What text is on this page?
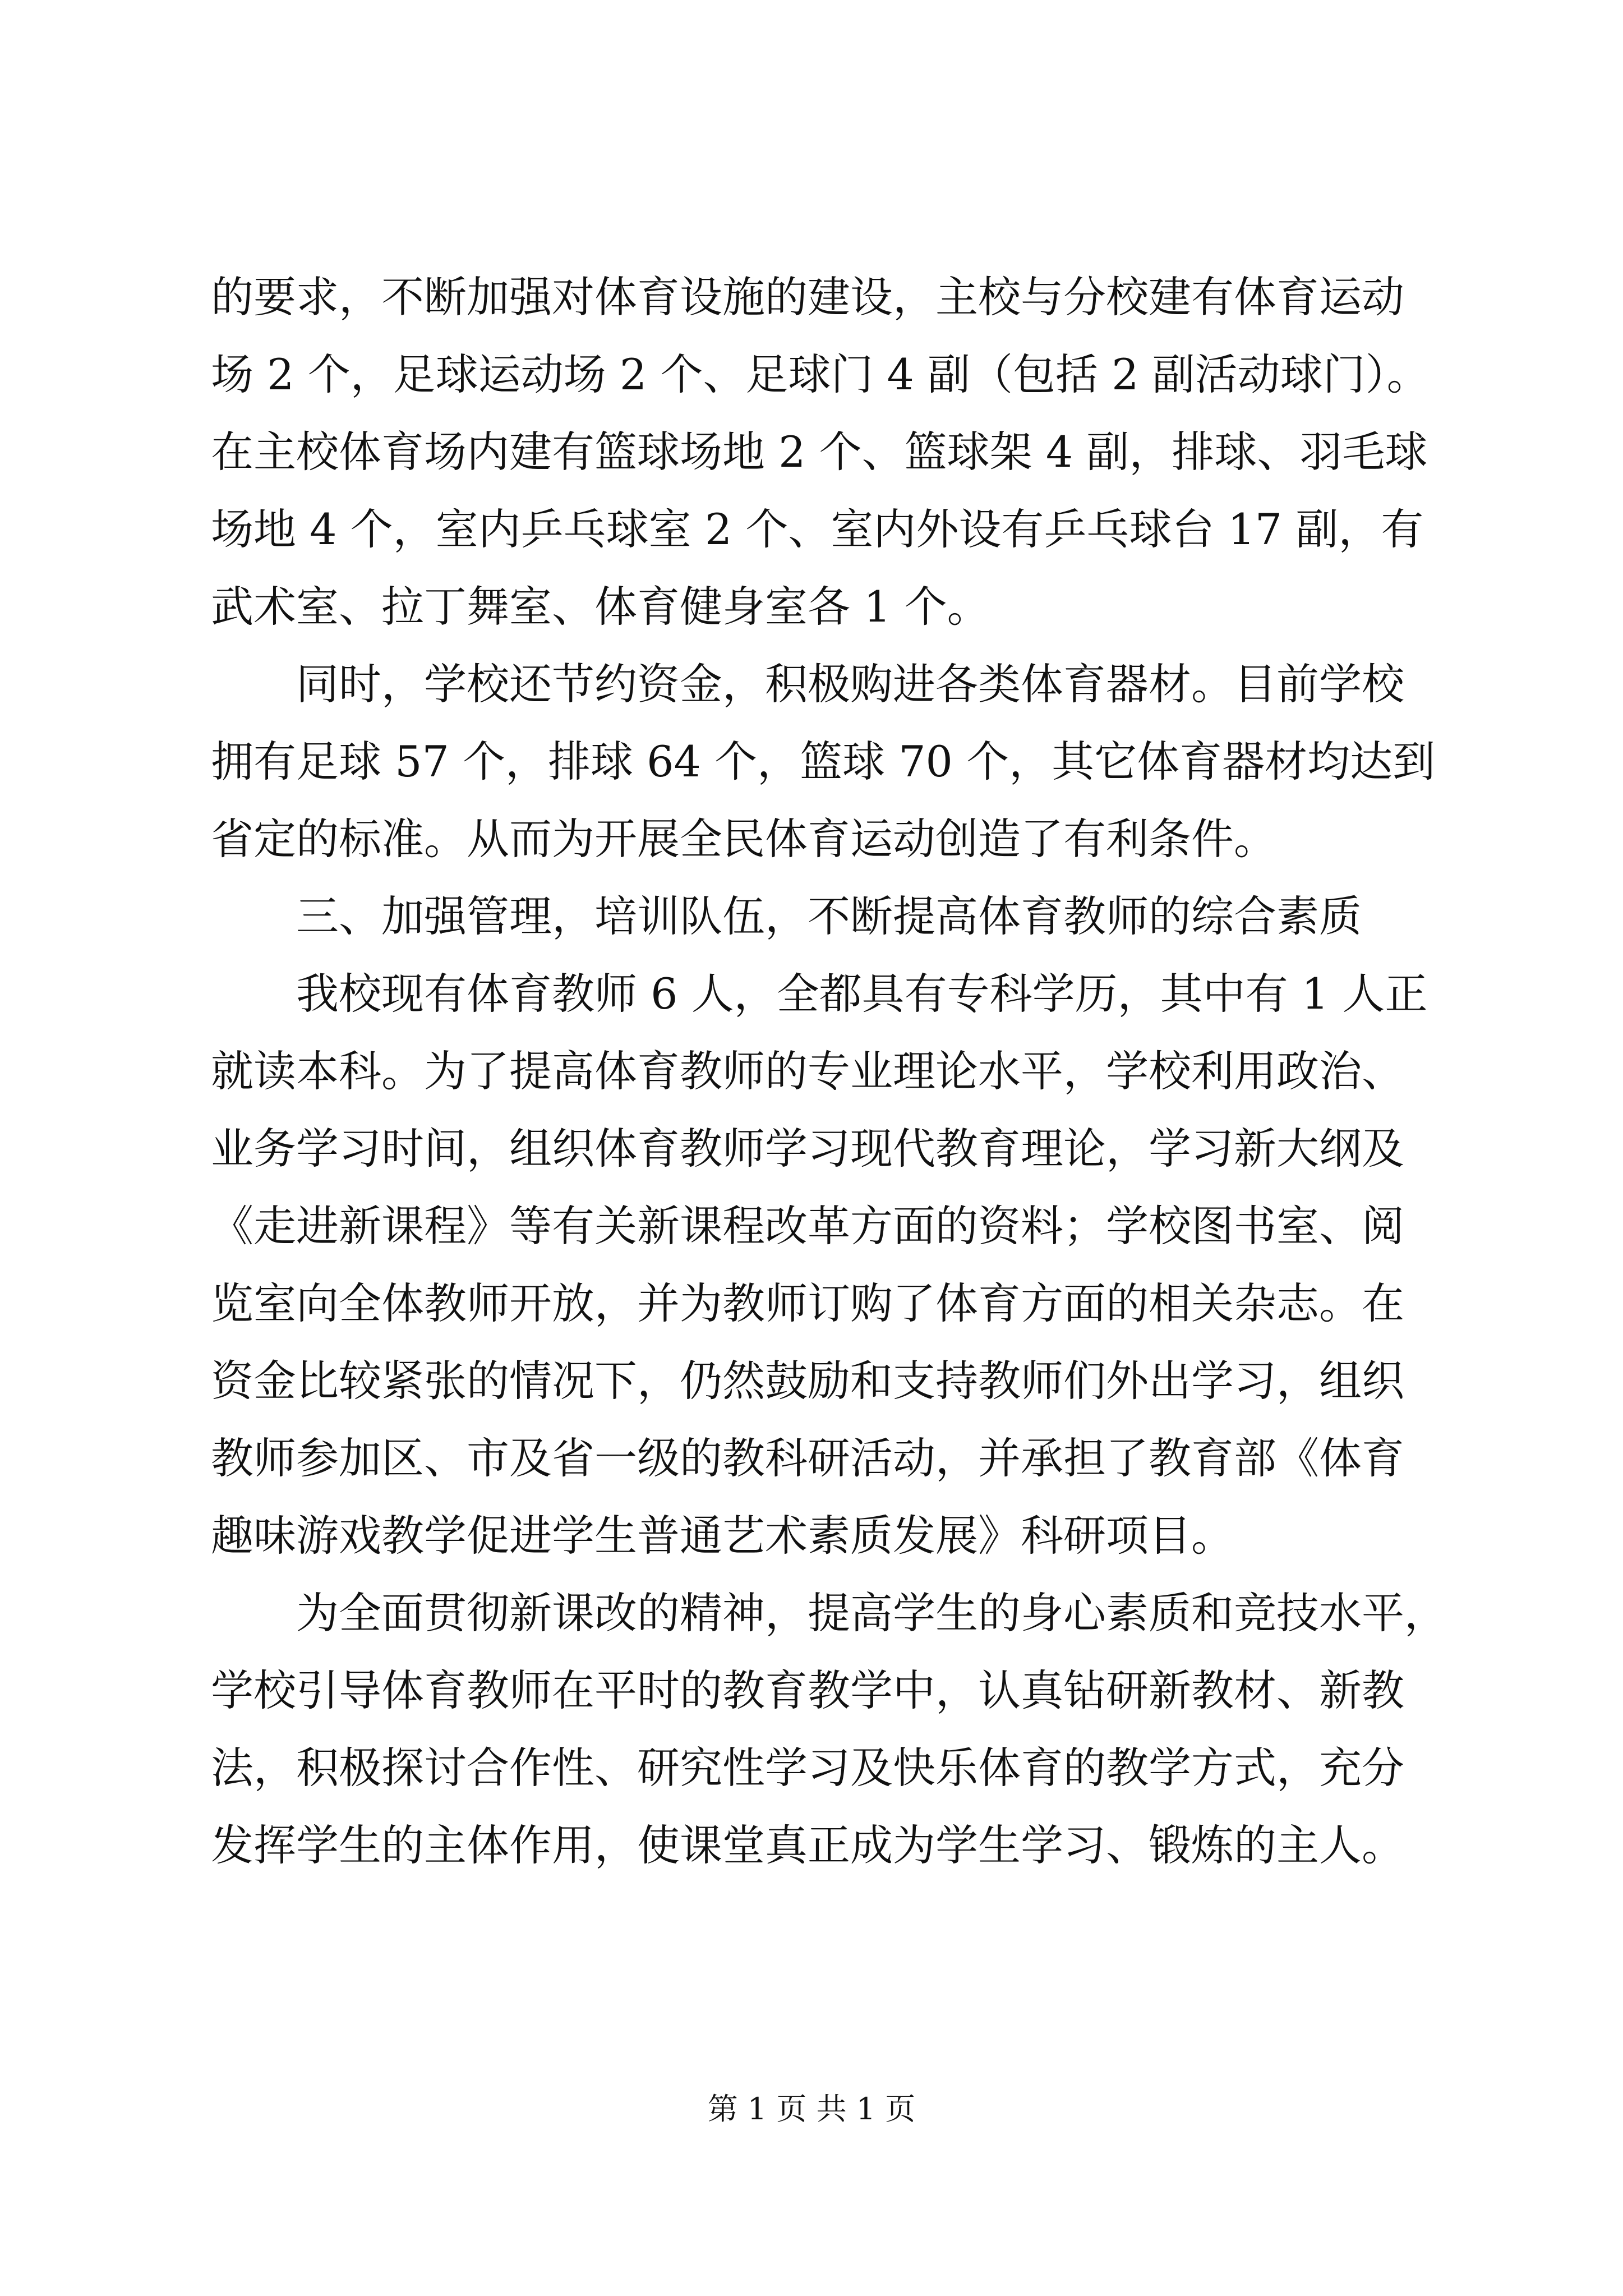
的要求，不断加强对体育设施的建设，主校与分校建有体育运动
场 2 个，足球运动场 2 个、足球门 4 副（包括 2 副活动球门）。
在主校体育场内建有篮球场地 2 个、篮球架 4 副，排球、羽毛球
场地 4 个，室内乒乓球室 2 个、室内外设有乒乓球台 17 副，有
武术室、拉丁舞室、体育健身室各 1 个。
同时，学校还节约资金，积极购进各类体育器材。目前学校
拥有足球 57 个，排球 64 个，篮球 70 个，其它体育器材均达到
省定的标准。从而为开展全民体育运动创造了有利条件。
三、加强管理，培训队伍，不断提高体育教师的综合素质
我校现有体育教师 6 人，全都具有专科学历，其中有 1 人正
就读本科。为了提高体育教师的专业理论水平，学校利用政治、
业务学习时间，组织体育教师学习现代教育理论，学习新大纲及
《走进新课程》等有关新课程改革方面的资料；学校图书室、阅
览室向全体教师开放，并为教师订购了体育方面的相关杂志。在
资金比较紧张的情况下，仍然鼓励和支持教师们外出学习，组织
教师参加区、市及省一级的教科研活动，并承担了教育部《体育
趣味游戏教学促进学生普通艺术素质发展》科研项目。
为全面贯彻新课改的精神，提高学生的身心素质和竞技水平，
学校引导体育教师在平时的教育教学中，认真钻研新教材、新教
法，积极探讨合作性、研究性学习及快乐体育的教学方式，充分
发挥学生的主体作用，使课堂真正成为学生学习、锻炼的主人。
第 1 页 共 1 页
